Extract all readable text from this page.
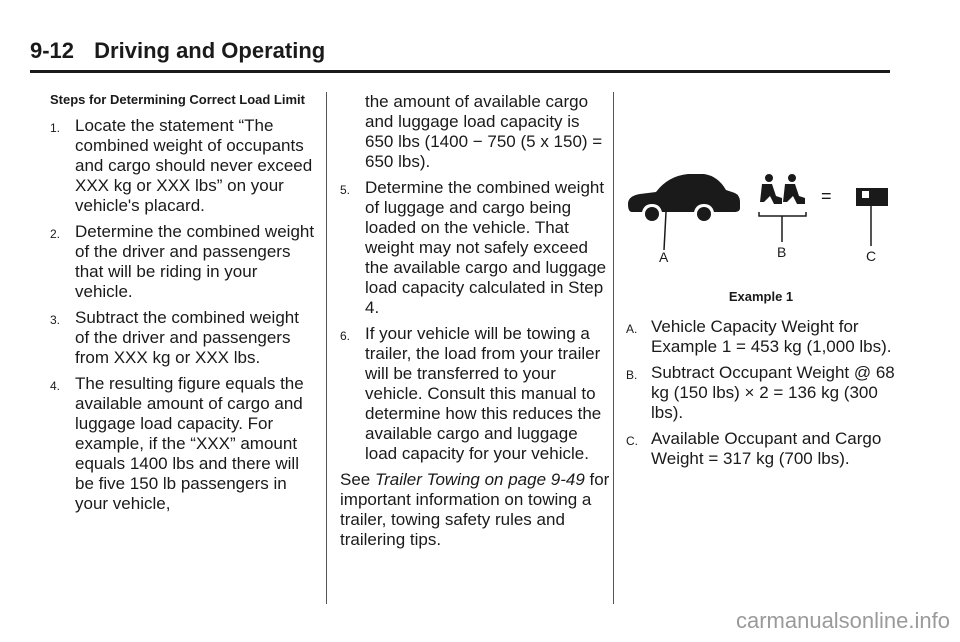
9-12 Driving and Operating
Steps for Determining Correct Load Limit
1. Locate the statement “The combined weight of occupants and cargo should never exceed XXX kg or XXX lbs” on your vehicle's placard.
2. Determine the combined weight of the driver and passengers that will be riding in your vehicle.
3. Subtract the combined weight of the driver and passengers from XXX kg or XXX lbs.
4. The resulting figure equals the available amount of cargo and luggage load capacity. For example, if the “XXX” amount equals 1400 lbs and there will be five 150 lb passengers in your vehicle,
the amount of available cargo and luggage load capacity is 650 lbs (1400 − 750 (5 x 150) = 650 lbs).
5. Determine the combined weight of luggage and cargo being loaded on the vehicle. That weight may not safely exceed the available cargo and luggage load capacity calculated in Step 4.
6. If your vehicle will be towing a trailer, the load from your trailer will be transferred to your vehicle. Consult this manual to determine how this reduces the available cargo and luggage load capacity for your vehicle.
See Trailer Towing on page 9-49 for important information on towing a trailer, towing safety rules and trailering tips.
–	=
A	B	C
Example 1
A. Vehicle Capacity Weight for Example 1 = 453 kg (1,000 lbs).
B. Subtract Occupant Weight @ 68 kg (150 lbs) × 2 = 136 kg (300 lbs).
C. Available Occupant and Cargo Weight = 317 kg (700 lbs).
carmanualsonline.info
